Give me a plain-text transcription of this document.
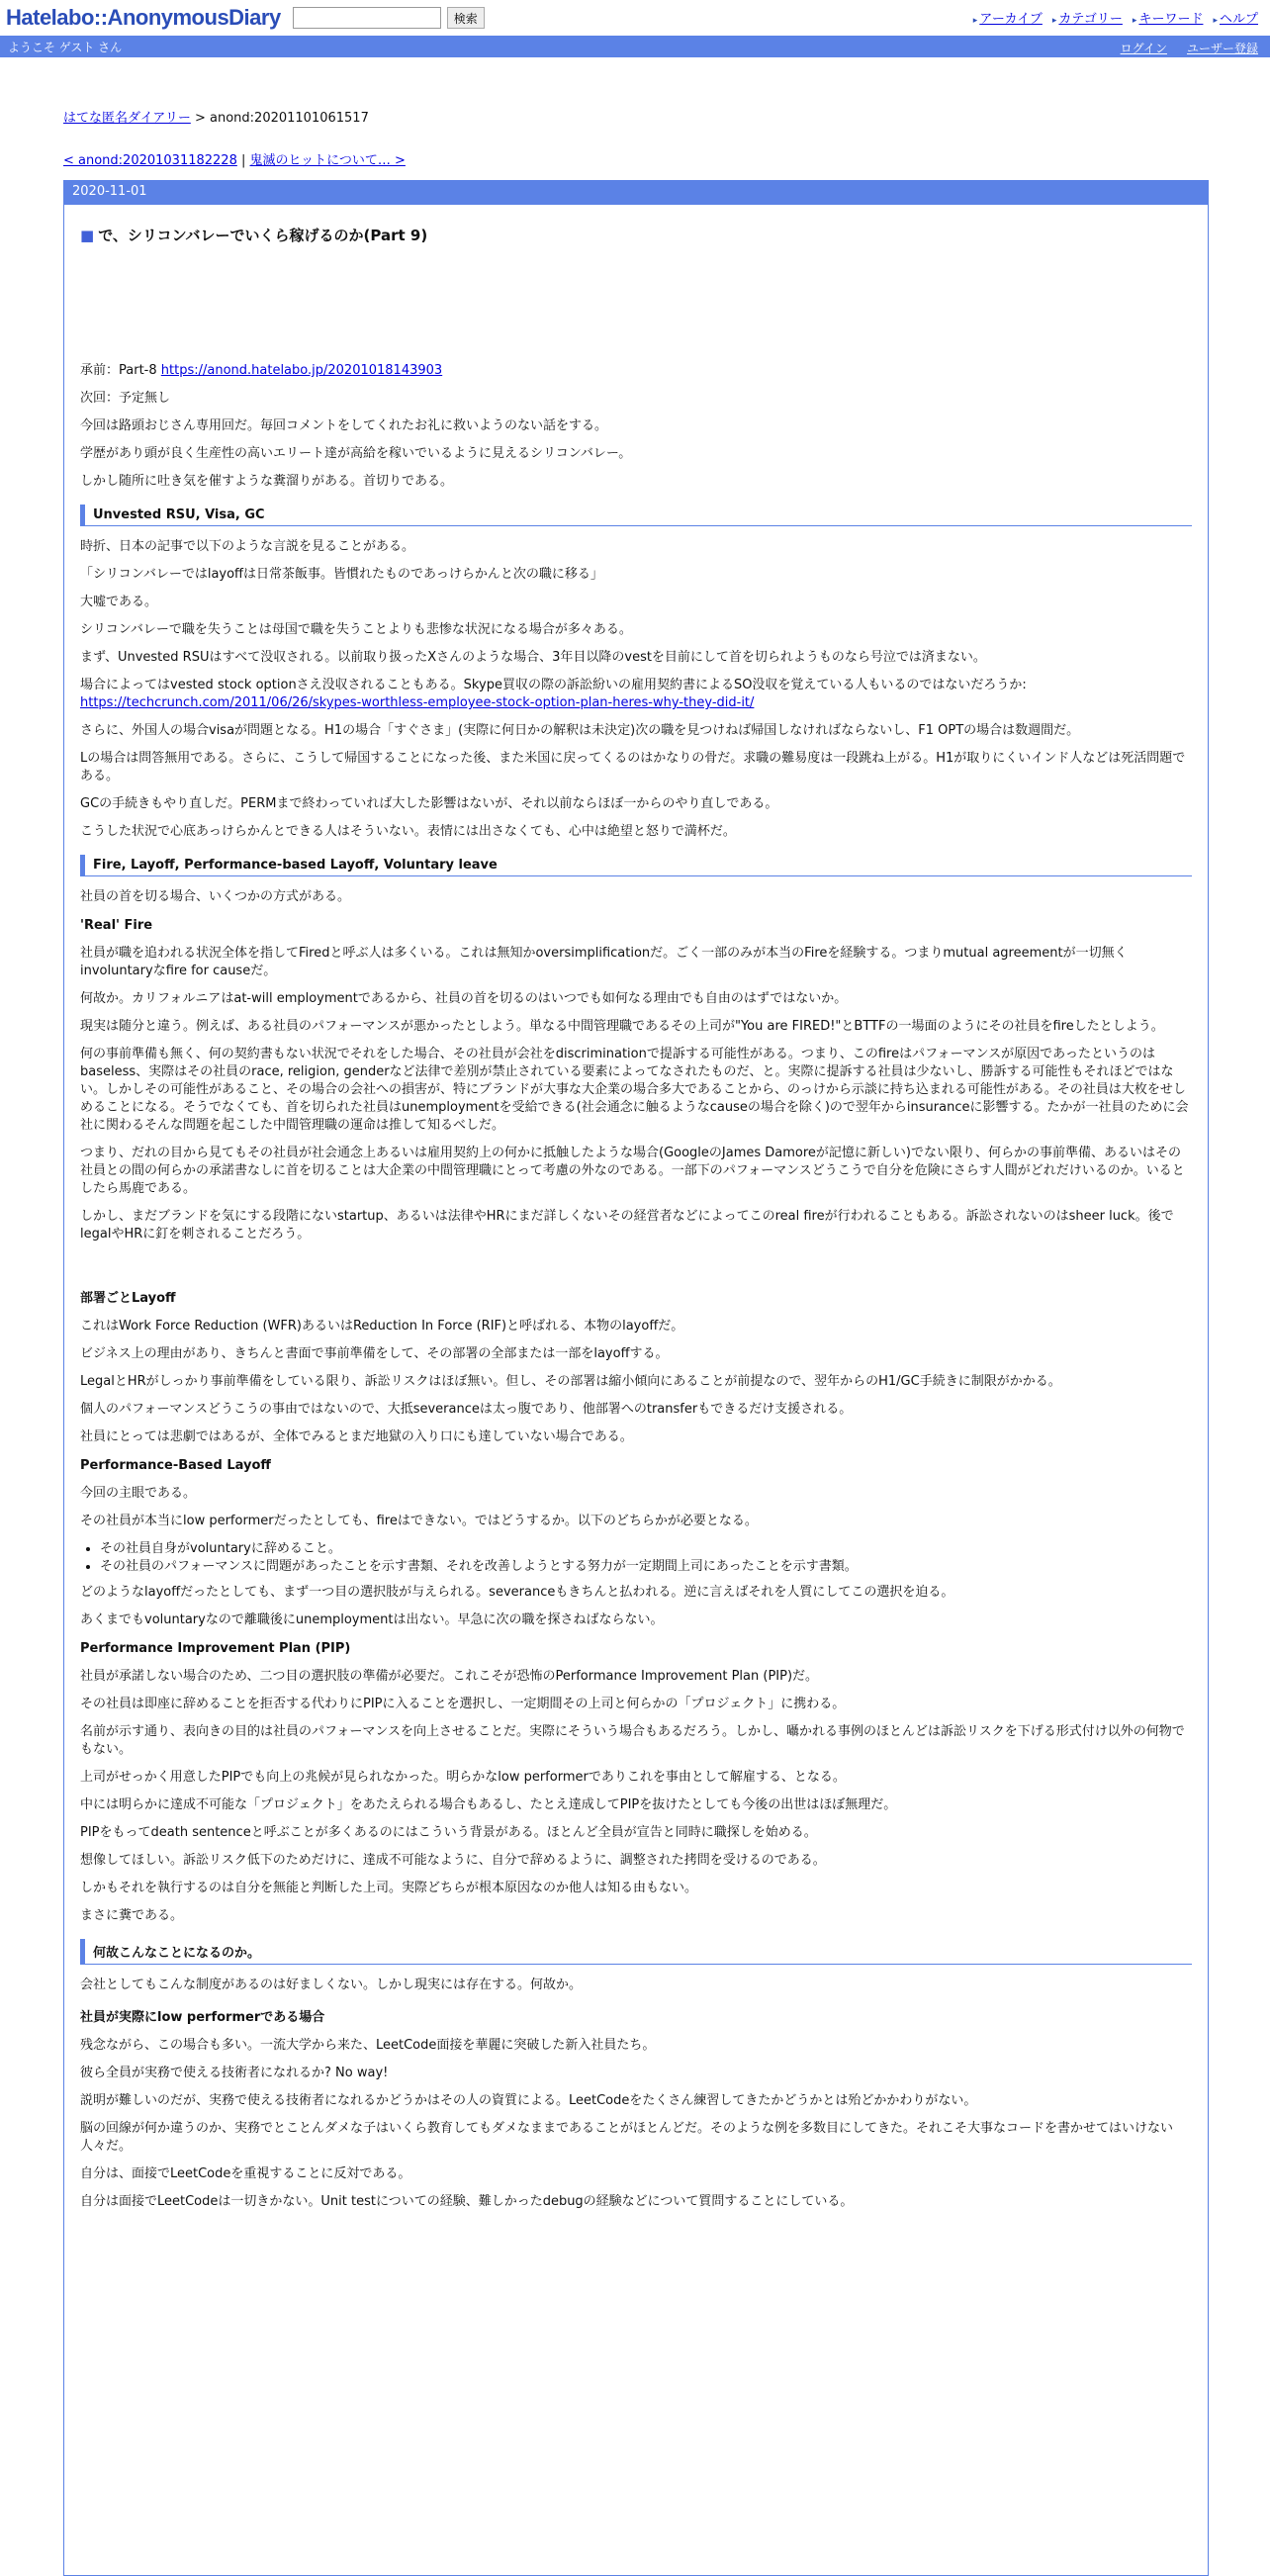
Hatelabo::AnonymousDiary	検索	▸ アーカイブ	▸ カテゴリー	▸ キーワード	▸ ヘルプ
ようこそ ゲスト さん	ログイン ユーザー登録
はてな匿名ダイアリー > anond:20201101061517
< anond:20201031182228 | 鬼滅のヒットについて… >
2020-11-01
■ で、シリコンバレーでいくら稼げるのか(Part 9)

承前：Part-8 https://anond.hatelabo.jp/20201018143903

次回：予定無し

今回は路頭おじさん専用回だ。毎回コメントをしてくれたお礼に救いようのない話をする。

学歴があり頭が良く生産性の高いエリート達が高給を稼いでいるように見えるシリコンバレー。

しかし随所に吐き気を催すような糞溜りがある。首切りである。

Unvested RSU, Visa, GC

時折、日本の記事で以下のような言説を見ることがある。

「シリコンバレーではlayoffは日常茶飯事。皆慣れたものであっけらかんと次の職に移る」

大嘘である。

シリコンバレーで職を失うことは母国で職を失うことよりも悲惨な状況になる場合が多々ある。

まず、Unvested RSUはすべて没収される。以前取り扱ったXさんのような場合、3年目以降のvestを目前にして首を切られようものなら号泣では済まない。

場合によってはvested stock optionさえ没収されることもある。Skype買収の際の訴訟紛いの雇用契約書によるSO没収を覚えている人もいるのではないだろうか:
https://techcrunch.com/2011/06/26/skypes-worthless-employee-stock-option-plan-heres-why-they-did-it/

さらに、外国人の場合visaが問題となる。H1の場合「すぐさま」(実際に何日かの解釈は未決定)次の職を見つけねば帰国しなければならないし、F1 OPTの場合は数週間だ。

Lの場合は問答無用である。さらに、こうして帰国することになった後、また米国に戻ってくるのはかなりの骨だ。求職の難易度は一段跳ね上がる。H1が取りにくいインド人などは死活問題である。

GCの手続きもやり直しだ。PERMまで終わっていれば大した影響はないが、それ以前ならほぼ一からのやり直しである。

こうした状況で心底あっけらかんとできる人はそういない。表情には出さなくても、心中は絶望と怒りで満杯だ。

Fire, Layoff, Performance-based Layoff, Voluntary leave

社員の首を切る場合、いくつかの方式がある。

'Real' Fire

社員が職を追われる状況全体を指してFiredと呼ぶ人は多くいる。これは無知かoversimplificationだ。ごく一部のみが本当のFireを経験する。つまりmutual agreementが一切無くinvoluntaryなfire for causeだ。

何故か。カリフォルニアはat-will employmentであるから、社員の首を切るのはいつでも如何なる理由でも自由のはずではないか。

現実は随分と違う。例えば、ある社員のパフォーマンスが悪かったとしよう。単なる中間管理職であるその上司が"You are FIRED!"とBTTFの一場面のようにその社員をfireしたとしよう。

何の事前準備も無く、何の契約書もない状況でそれをした場合、その社員が会社をdiscriminationで提訴する可能性がある。つまり、このfireはパフォーマンスが原因であったというのはbaseless、実際はその社員のrace, religion, genderなど法律で差別が禁止されている要素によってなされたものだ、と。実際に提訴する社員は少ないし、勝訴する可能性もそれほどではない。しかしその可能性があること、その場合の会社への損害が、特にブランドが大事な大企業の場合多大であることから、のっけから示談に持ち込まれる可能性がある。その社員は大枚をせしめることになる。そうでなくても、首を切られた社員はunemploymentを受給できる(社会通念に触るようなcauseの場合を除く)ので翌年からinsuranceに影響する。たかが一社員のために会社に関わるそんな問題を起こした中間管理職の運命は推して知るべしだ。

つまり、だれの目から見てもその社員が社会通念上あるいは雇用契約上の何かに抵触したような場合(GoogleのJames Damoreが記憶に新しい)でない限り、何らかの事前準備、あるいはその社員との間の何らかの承諾書なしに首を切ることは大企業の中間管理職にとって考慮の外なのである。一部下のパフォーマンスどうこうで自分を危険にさらす人間がどれだけいるのか。いるとしたら馬鹿である。

しかし、まだブランドを気にする段階にないstartup、あるいは法律やHRにまだ詳しくないその経営者などによってこのreal fireが行われることもある。訴訟されないのはsheer luck。後でlegalやHRに釘を刺されることだろう。

部署ごとLayoff

これはWork Force Reduction (WFR)あるいはReduction In Force (RIF)と呼ばれる、本物のlayoffだ。

ビジネス上の理由があり、きちんと書面で事前準備をして、その部署の全部または一部をlayoffする。

LegalとHRがしっかり事前準備をしている限り、訴訟リスクはほぼ無い。但し、その部署は縮小傾向にあることが前提なので、翌年からのH1/GC手続きに制限がかかる。

個人のパフォーマンスどうこうの事由ではないので、大抵severanceは太っ腹であり、他部署へのtransferもできるだけ支援される。

社員にとっては悲劇ではあるが、全体でみるとまだ地獄の入り口にも達していない場合である。

Performance-Based Layoff

今回の主眼である。

その社員が本当にlow performerだったとしても、fireはできない。ではどうするか。以下のどちらかが必要となる。

• その社員自身がvoluntaryに辞めること。
• その社員のパフォーマンスに問題があったことを示す書類、それを改善しようとする努力が一定期間上司にあったことを示す書類。

どのようなlayoffだったとしても、まず一つ目の選択肢が与えられる。severanceもきちんと払われる。逆に言えばそれを人質にしてこの選択を迫る。

あくまでもvoluntaryなので離職後にunemploymentは出ない。早急に次の職を探さねばならない。

Performance Improvement Plan (PIP)

社員が承諾しない場合のため、二つ目の選択肢の準備が必要だ。これこそが恐怖のPerformance Improvement Plan (PIP)だ。

その社員は即座に辞めることを拒否する代わりにPIPに入ることを選択し、一定期間その上司と何らかの「プロジェクト」に携わる。

名前が示す通り、表向きの目的は社員のパフォーマンスを向上させることだ。実際にそういう場合もあるだろう。しかし、囁かれる事例のほとんどは訴訟リスクを下げる形式付け以外の何物でもない。

上司がせっかく用意したPIPでも向上の兆候が見られなかった。明らかなlow performerでありこれを事由として解雇する、となる。

中には明らかに達成不可能な「プロジェクト」をあたえられる場合もあるし、たとえ達成してPIPを抜けたとしても今後の出世はほぼ無理だ。

PIPをもってdeath sentenceと呼ぶことが多くあるのにはこういう背景がある。ほとんど全員が宣告と同時に職探しを始める。

想像してほしい。訴訟リスク低下のためだけに、達成不可能なように、自分で辞めるように、調整された拷問を受けるのである。

しかもそれを執行するのは自分を無能と判断した上司。実際どちらが根本原因なのか他人は知る由もない。

まさに糞である。

何故こんなことになるのか。

会社としてもこんな制度があるのは好ましくない。しかし現実には存在する。何故か。

社員が実際にlow performerである場合

残念ながら、この場合も多い。一流大学から来た、LeetCode面接を華麗に突破した新入社員たち。

彼ら全員が実務で使える技術者になれるか? No way!

説明が難しいのだが、実務で使える技術者になれるかどうかはその人の資質による。LeetCodeをたくさん練習してきたかどうかとは殆どかかわりがない。

脳の回線が何か違うのか、実務でとことんダメな子はいくら教育してもダメなままであることがほとんどだ。そのような例を多数目にしてきた。それこそ大事なコードを書かせてはいけない人々だ。

自分は、面接でLeetCodeを重視することに反対である。

自分は面接でLeetCodeは一切きかない。Unit testについての経験、難しかったdebugの経験などについて質問することにしている。
